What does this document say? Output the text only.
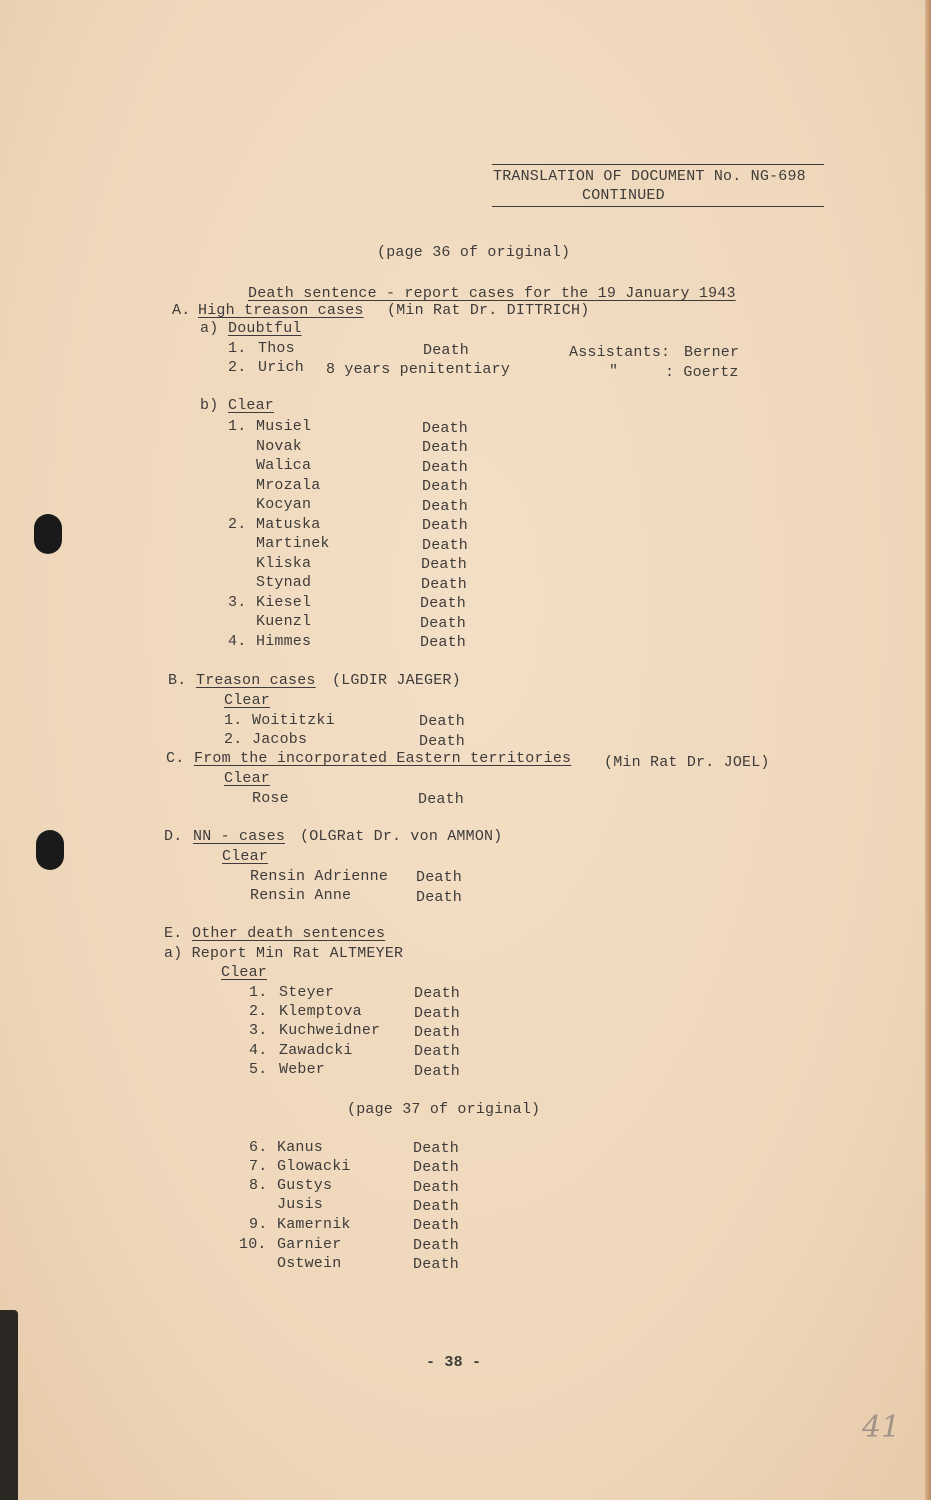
TRANSLATION OF DOCUMENT No. NG-698
CONTINUED
(page 36 of original)
Death sentence - report cases for the 19 January 1943
A. High treason cases (Min Rat Dr. DITTRICH)
a) Doubtful
1. Thos	Death	Assistants: Berner
2. Urich 8 years penitentiary	"	: Goertz
b) Clear
1. Musiel	Death
Novak	Death
Walica	Death
Mrozala	Death
Kocyan	Death
2. Matuska	Death
Martinek	Death
Kliska	Death
Stynad	Death
3. Kiesel	Death
Kuenzl	Death
4. Himmes	Death
B. Treason cases (LGDIR JAEGER)
Clear
1. Woititzki	Death
2. Jacobs	Death
C. From the incorporated Eastern territories (Min Rat Dr. JOEL)
Clear
Rose	Death
D. NN - cases (OLGRat Dr. von AMMON)
Clear
Rensin Adrienne Death
Rensin Anne	Death
E. Other death sentences
a) Report Min Rat ALTMEYER
Clear
1. Steyer	Death
2. Klemptova	Death
3. Kuchweidner Death
4. Zawadcki	Death
5. Weber	Death
(page 37 of original)
6. Kanus	Death
7. Glowacki	Death
8. Gustys	Death
Jusis	Death
9. Kamernik	Death
10. Garnier	Death
Ostwein	Death
- 38 -
41
